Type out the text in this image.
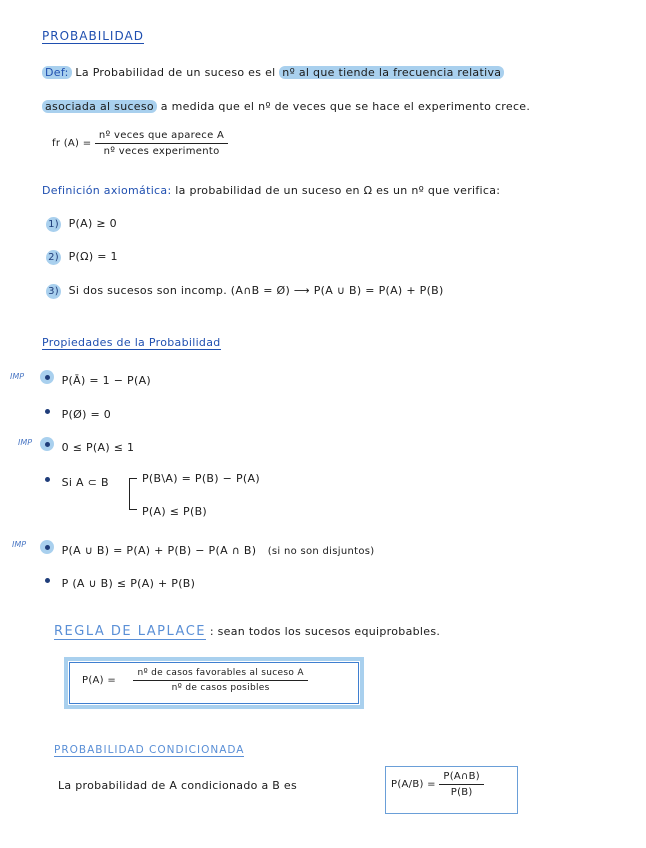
PROBABILIDAD
Def: La Probabilidad de un suceso es el nº al que tiende la frecuencia relativa
asociada al suceso a medida que el nº de veces que se hace el experimento crece.
fr $(A) = \frac{\text{nº veces que aparece A}}{\text{nº veces experimento}}$
Definición axiomática: la probabilidad de un suceso en Ω es un nº que verifica:
1) P(A) ≥ 0
2) P(Ω) = 1
3) Si dos sucesos son incomp. (A∩B = Ø) ⟶ P(A ∪ B) = P(A) + P(B)
Propiedades de la Probabilidad
IMP	P(Ā) = 1 − P(A)
P(Ø) = 0
IMP	0 ≤ P(A) ≤ 1
Si A ⊂ B	P(B\A) = P(B) − P(A)
P(A) ≤ P(B)
IMP	P(A ∪ B) = P(A) + P(B) − P(A ∩ B) (si no son disjuntos)
P (A ∪ B) ≤ P(A) + P(B)
REGLA DE LAPLACE : sean todos los sucesos equiprobables.
$P(A) = \frac{\text{nº de casos favorables al suceso A}}{\text{nº de casos posibles}}$
PROBABILIDAD CONDICIONADA
La probabilidad de A condicionado a B es	$P(A/B) = \frac{P(A\cap B)}{P(B)}$
